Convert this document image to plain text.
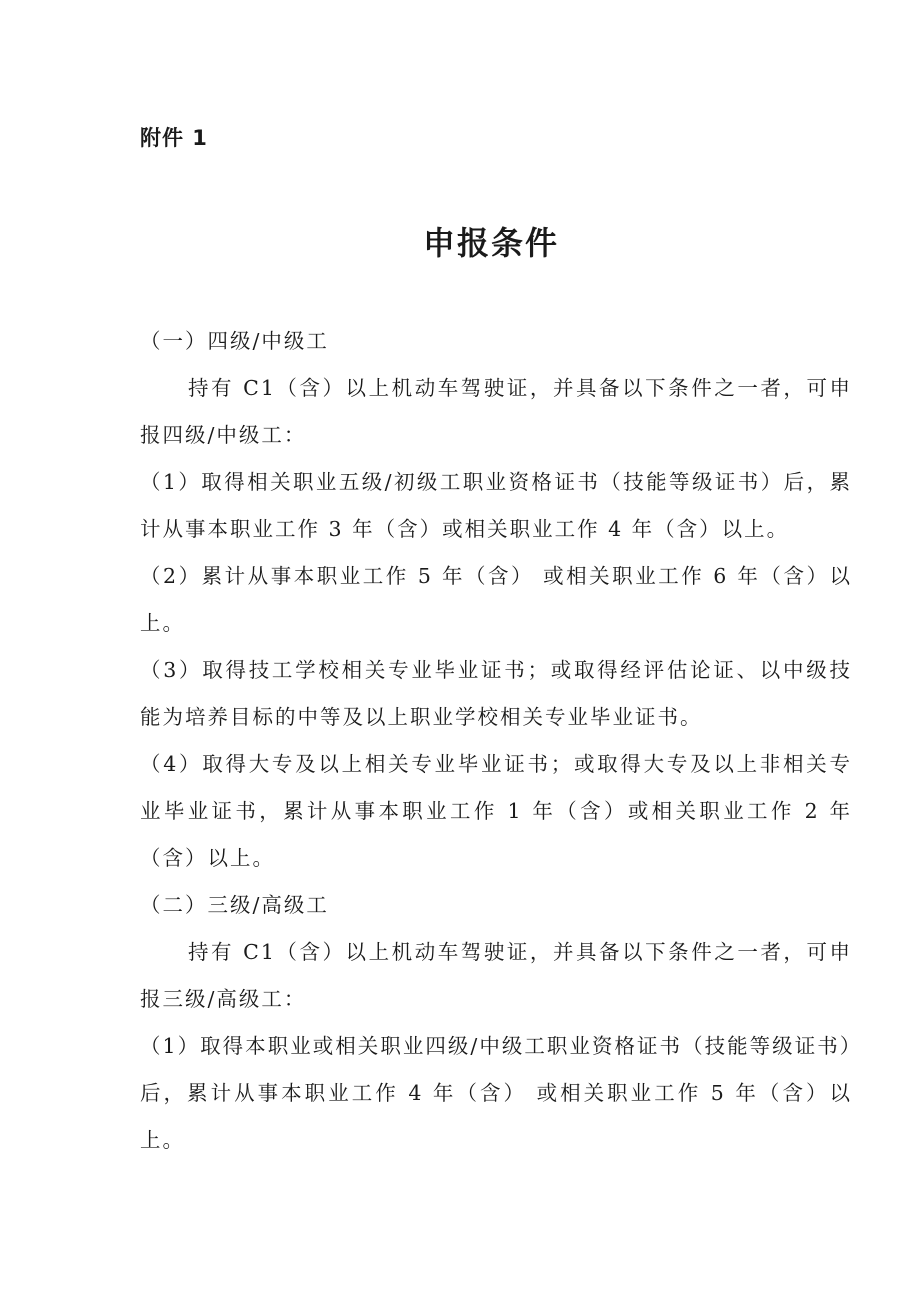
附件 1
申报条件

（一）四级/中级工

持有 C1（含）以上机动车驾驶证，并具备以下条件之一者，可申报四级/中级工：

（1）取得相关职业五级/初级工职业资格证书（技能等级证书）后，累计从事本职业工作 3 年（含）或相关职业工作 4 年（含）以上。

（2）累计从事本职业工作 5 年（含） 或相关职业工作 6 年（含）以上。

（3）取得技工学校相关专业毕业证书；或取得经评估论证、以中级技能为培养目标的中等及以上职业学校相关专业毕业证书。

（4）取得大专及以上相关专业毕业证书；或取得大专及以上非相关专业毕业证书，累计从事本职业工作 1 年（含）或相关职业工作 2 年（含）以上。

（二）三级/高级工

持有 C1（含）以上机动车驾驶证，并具备以下条件之一者，可申报三级/高级工：

（1）取得本职业或相关职业四级/中级工职业资格证书（技能等级证书）后，累计从事本职业工作 4 年（含） 或相关职业工作 5 年（含）以上。
